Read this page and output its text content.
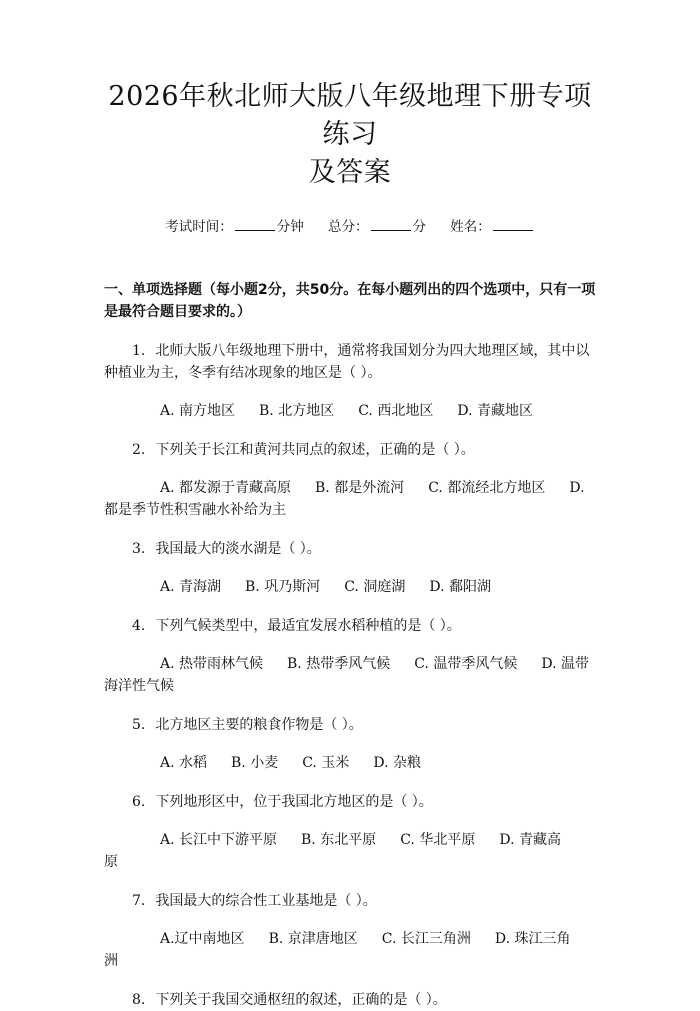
2026年秋北师大版八年级地理下册专项练习
及答案
考试时间：	分钟 总分：	分 姓名：
一、单项选择题（每小题2分，共50分。在每小题列出的四个选项中，只有一项是最符合题目要求的。）
1. 北师大版八年级地理下册中，通常将我国划分为四大地理区域，其中以种植业为主，冬季有结冰现象的地区是（ ）。
A. 南方地区 B. 北方地区 C. 西北地区 D. 青藏地区
2. 下列关于长江和黄河共同点的叙述，正确的是（ ）。
A. 都发源于青藏高原 B. 都是外流河 C. 都流经北方地区 D. 都是季节性积雪融水补给为主
3. 我国最大的淡水湖是（ ）。
A. 青海湖 B. 巩乃斯河 C. 洞庭湖 D. 鄱阳湖
4. 下列气候类型中，最适宜发展水稻种植的是（ ）。
A. 热带雨林气候 B. 热带季风气候 C. 温带季风气候 D. 温带海洋性气候
5. 北方地区主要的粮食作物是（ ）。
A. 水稻 B. 小麦 C. 玉米 D. 杂粮
6. 下列地形区中，位于我国北方地区的是（ ）。
A. 长江中下游平原 B. 东北平原 C. 华北平原 D. 青藏高原
7. 我国最大的综合性工业基地是（ ）。
A.辽中南地区 B. 京津唐地区 C. 长江三角洲 D. 珠江三角洲
8. 下列关于我国交通枢纽的叙述，正确的是（ ）。
